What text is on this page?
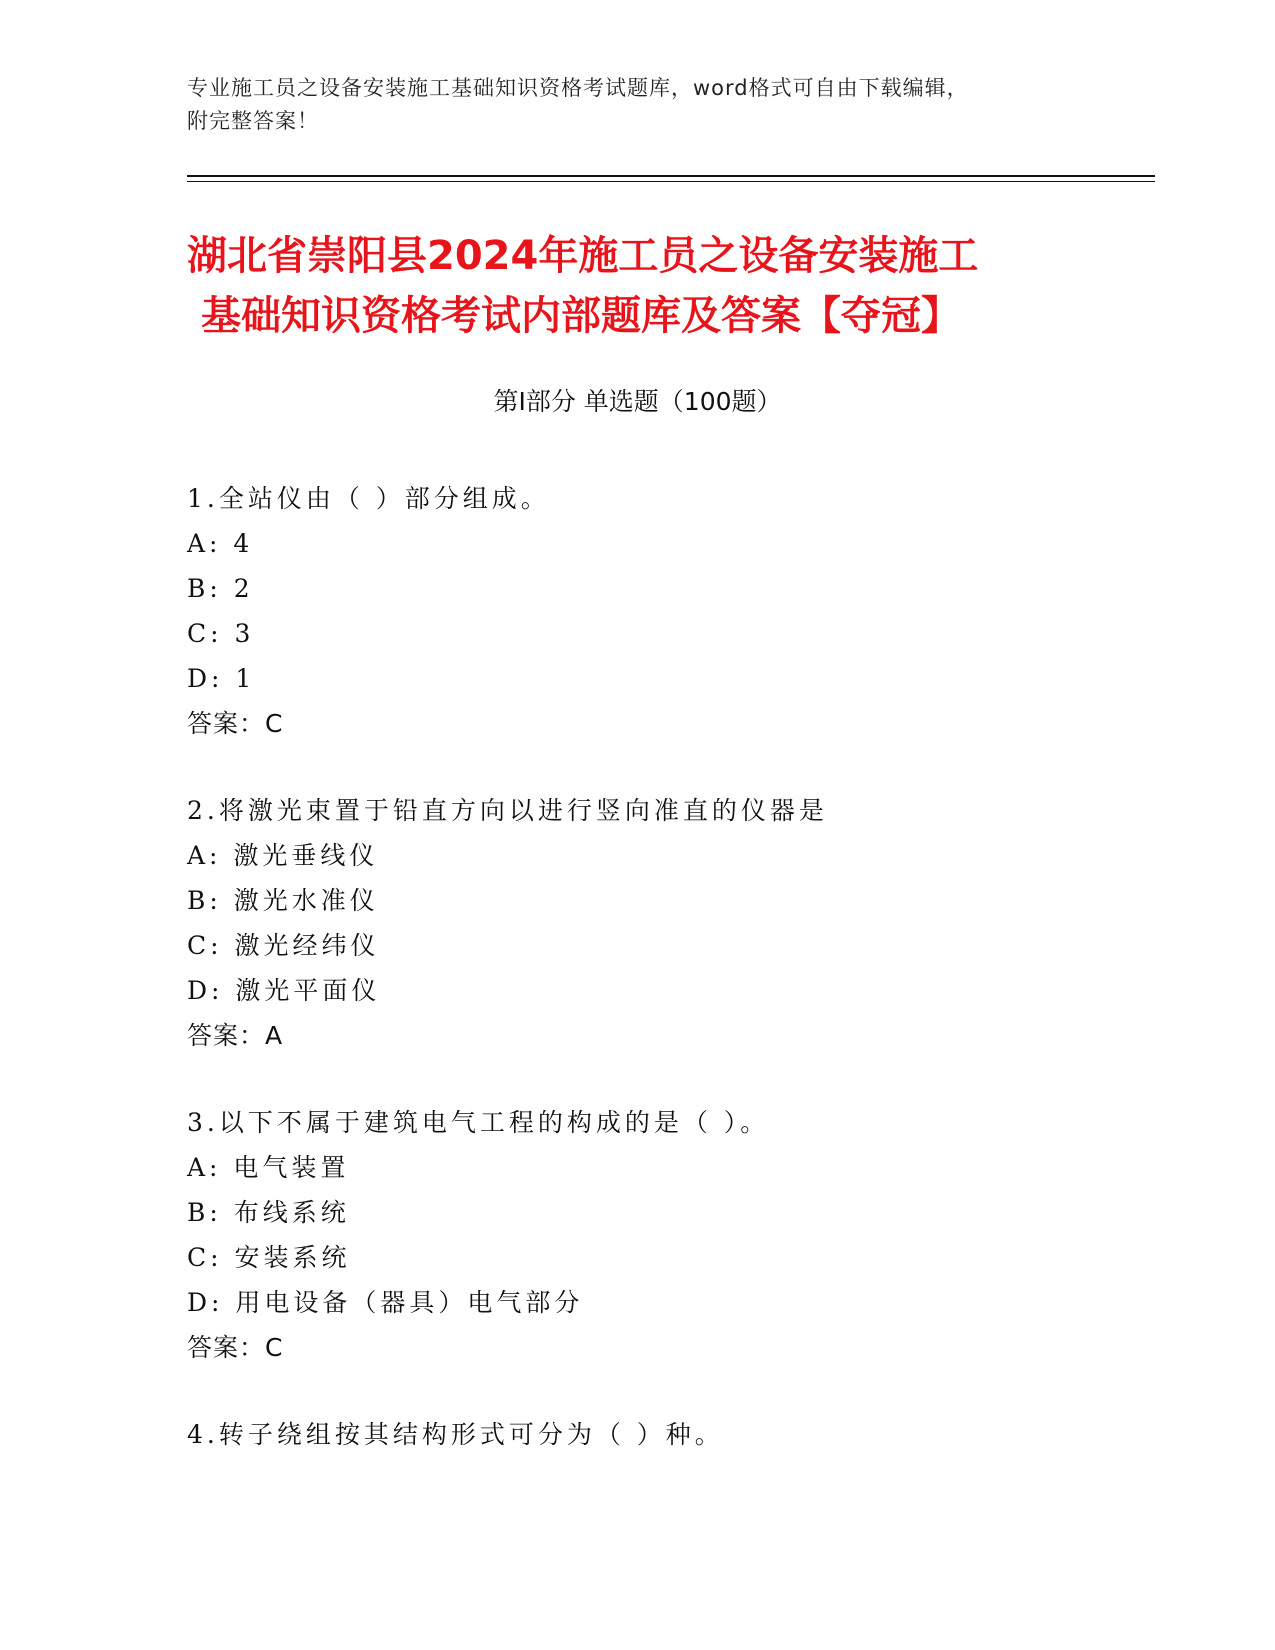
专业施工员之设备安装施工基础知识资格考试题库，word格式可自由下载编辑，
附完整答案！
湖北省崇阳县2024年施工员之设备安装施工
基础知识资格考试内部题库及答案【夺冠】
第Ⅰ部分 单选题（100题）
1.全站仪由（ ）部分组成。
A: 4
B: 2
C: 3
D: 1
答案：C
2.将激光束置于铅直方向以进行竖向准直的仪器是
A: 激光垂线仪
B: 激光水准仪
C: 激光经纬仪
D: 激光平面仪
答案：A
3.以下不属于建筑电气工程的构成的是（ ）。
A: 电气装置
B: 布线系统
C: 安装系统
D: 用电设备（器具）电气部分
答案：C
4.转子绕组按其结构形式可分为（ ）种。
